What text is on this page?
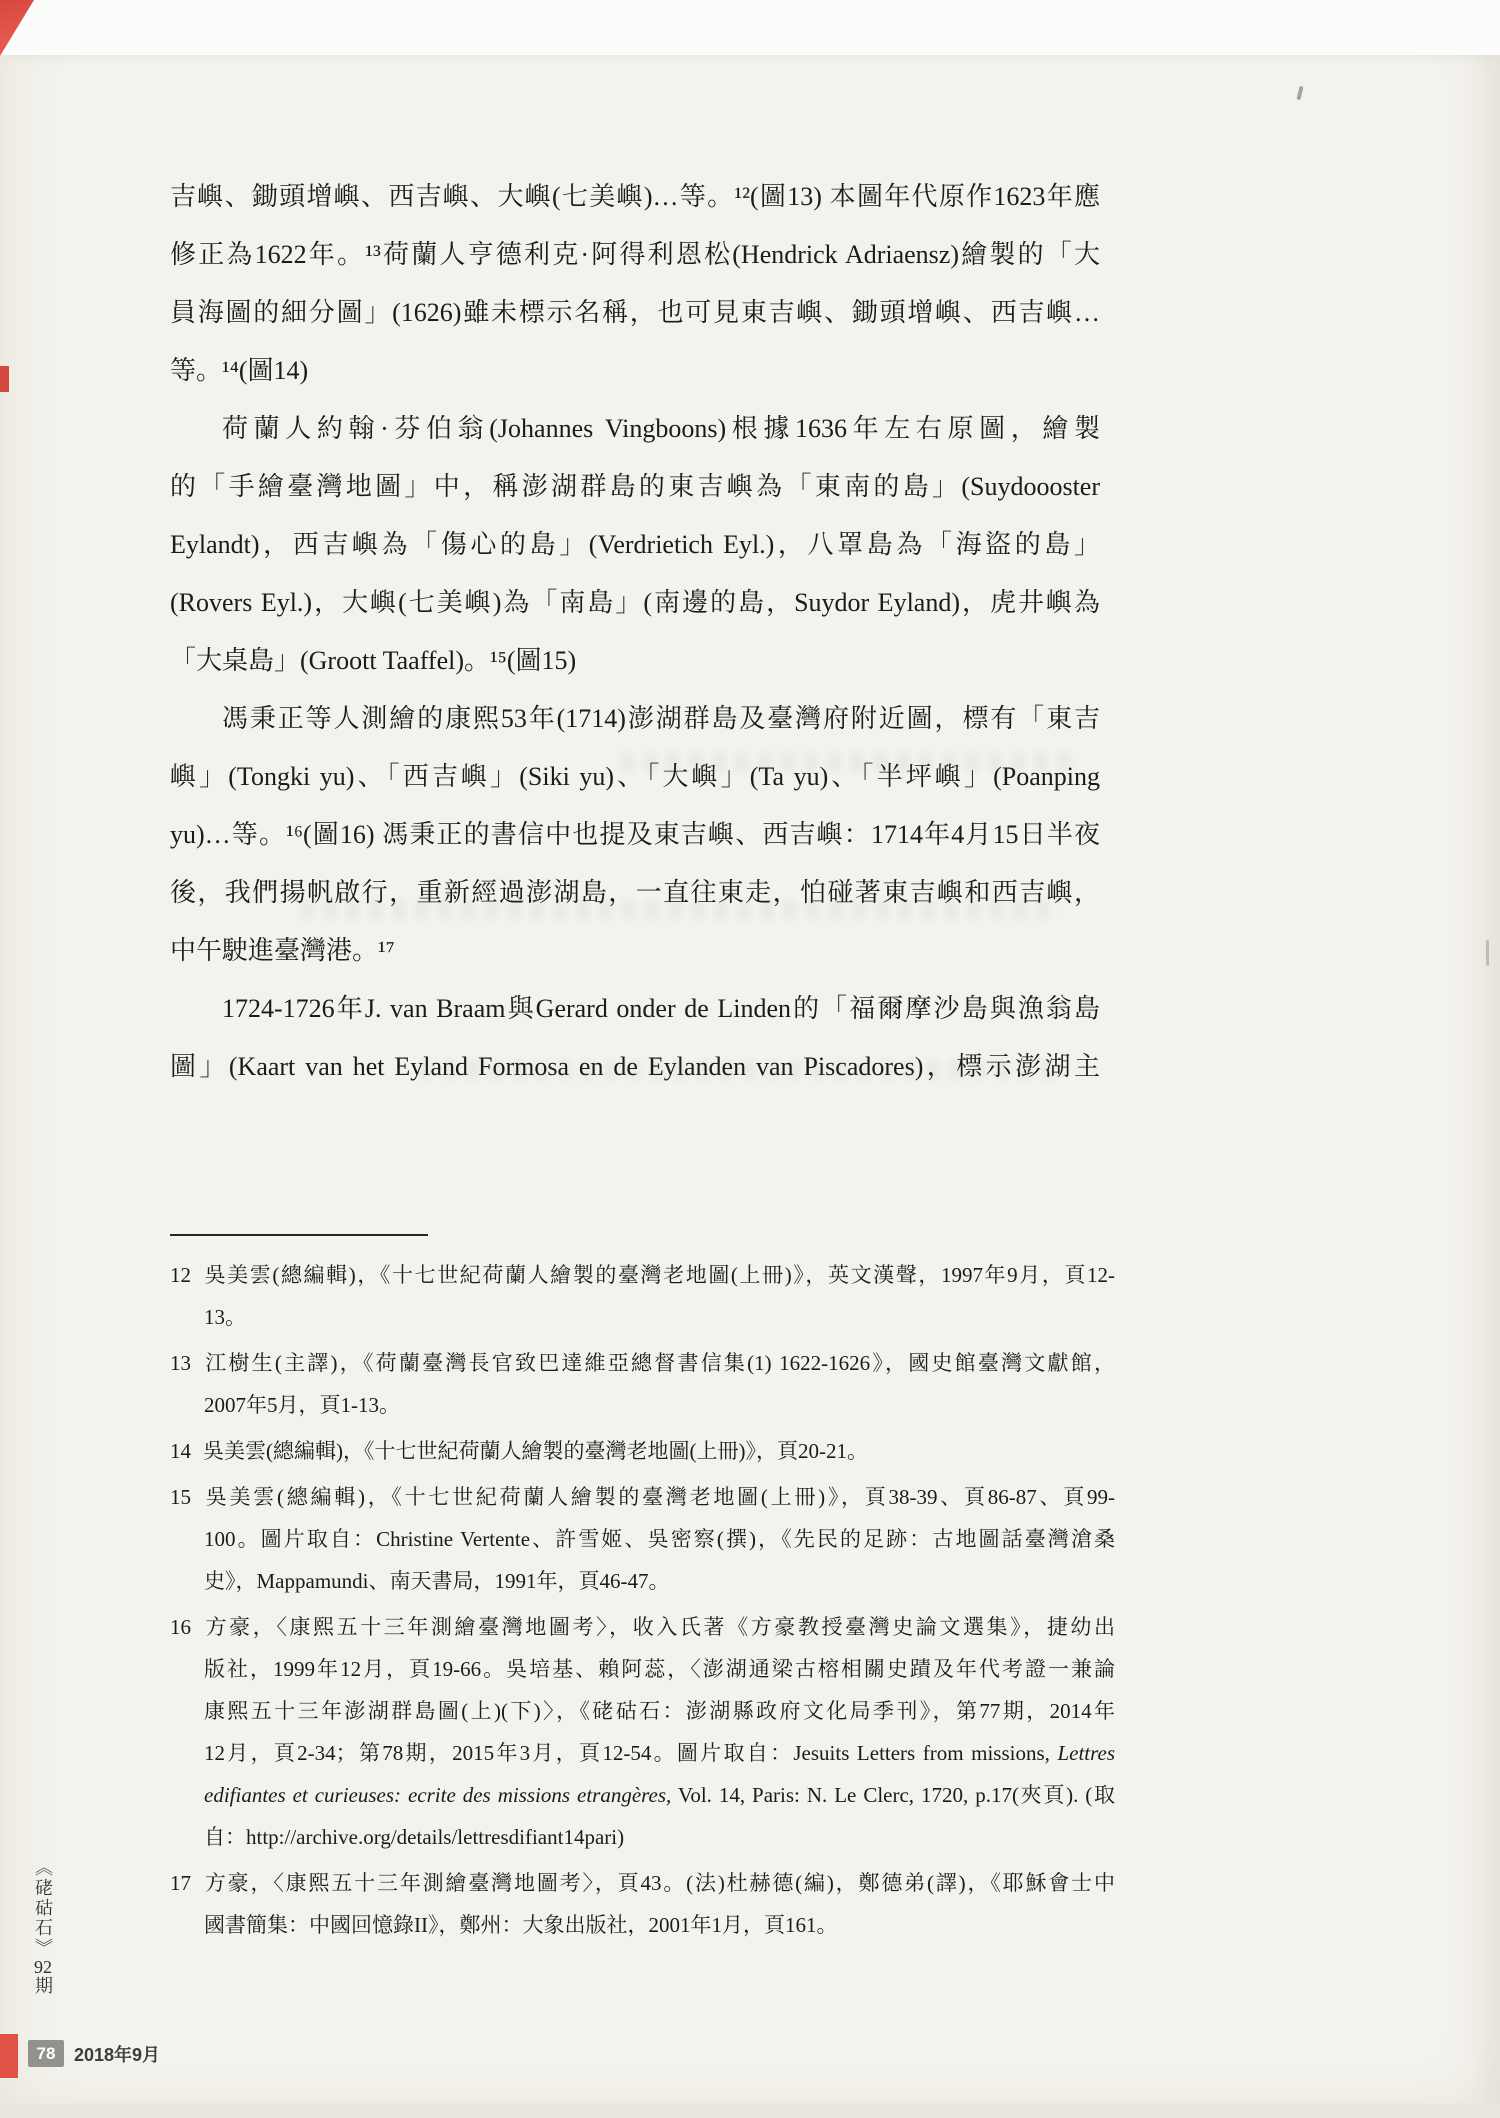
吉嶼、鋤頭增嶼、西吉嶼、大嶼(七美嶼)…等。¹²(圖13) 本圖年代原作1623年應
修正為1622年。¹³荷蘭人亨德利克·阿得利恩松(Hendrick Adriaensz)繪製的「大
員海圖的細分圖」(1626)雖未標示名稱，也可見東吉嶼、鋤頭增嶼、西吉嶼…
等。¹⁴(圖14)
荷蘭人約翰·芬伯翁(Johannes Vingboons)根據1636年左右原圖，繪製
的「手繪臺灣地圖」中，稱澎湖群島的東吉嶼為「東南的島」(Suydoooster
Eylandt)，西吉嶼為「傷心的島」(Verdrietich Eyl.)，八罩島為「海盜的島」
(Rovers Eyl.)，大嶼(七美嶼)為「南島」(南邊的島，Suydor Eyland)，虎井嶼為
「大桌島」(Groott Taaffel)。¹⁵(圖15)
馮秉正等人測繪的康熙53年(1714)澎湖群島及臺灣府附近圖，標有「東吉
嶼」(Tongki yu)、「西吉嶼」(Siki yu)、「大嶼」(Ta yu)、「半坪嶼」(Poanping
yu)…等。¹⁶(圖16) 馮秉正的書信中也提及東吉嶼、西吉嶼：1714年4月15日半夜
後，我們揚帆啟行，重新經過澎湖島，一直往東走，怕碰著東吉嶼和西吉嶼，
中午駛進臺灣港。¹⁷
1724-1726年J. van Braam與Gerard onder de Linden的「福爾摩沙島與漁翁島
圖」(Kaart van het Eyland Formosa en de Eylanden van Piscadores)，標示澎湖主
12 吳美雲(總編輯)，《十七世紀荷蘭人繪製的臺灣老地圖(上冊)》，英文漢聲，1997年9月，頁12-
13。
13 江樹生(主譯)，《荷蘭臺灣長官致巴達維亞總督書信集(1) 1622-1626》，國史館臺灣文獻館，
2007年5月，頁1-13。
14 吳美雲(總編輯)，《十七世紀荷蘭人繪製的臺灣老地圖(上冊)》，頁20-21。
15 吳美雲(總編輯)，《十七世紀荷蘭人繪製的臺灣老地圖(上冊)》，頁38-39、頁86-87、頁99-
100。圖片取自：Christine Vertente、許雪姬、吳密察(撰)，《先民的足跡：古地圖話臺灣滄桑
史》，Mappamundi、南天書局，1991年，頁46-47。
16 方豪，〈康熙五十三年測繪臺灣地圖考〉，收入氏著《方豪教授臺灣史論文選集》，捷幼出
版社，1999年12月，頁19-66。吳培基、賴阿蕊，〈澎湖通梁古榕相關史蹟及年代考證一兼論
康熙五十三年澎湖群島圖(上)(下)〉，《硓𥑮石：澎湖縣政府文化局季刊》，第77期，2014年
12月，頁2-34；第78期，2015年3月，頁12-54。圖片取自：Jesuits Letters from missions, Lettres
edifiantes et curieuses: ecrite des missions etrangères, Vol. 14, Paris: N. Le Clerc, 1720, p.17(夾頁). (取
自：http://archive.org/details/lettresdifiant14pari)
17 方豪，〈康熙五十三年測繪臺灣地圖考〉，頁43。(法)杜赫德(編)，鄭德弟(譯)，《耶穌會士中
國書簡集：中國回憶錄II》，鄭州：大象出版社，2001年1月，頁161。
《硓𥑮石》92期
78	2018年9月
